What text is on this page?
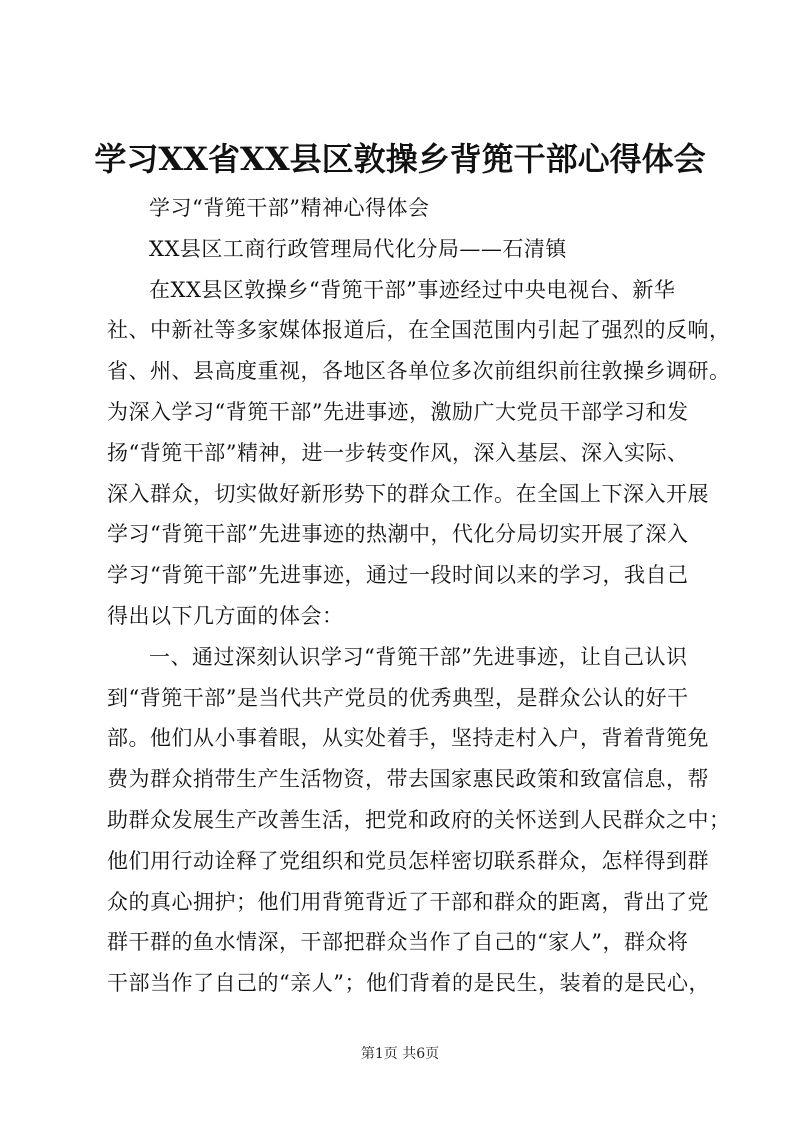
学习XX省XX县区敦操乡背篼干部心得体会
学习“背篼干部”精神心得体会
XX县区工商行政管理局代化分局——石清镇
在XX县区敦操乡“背篼干部”事迹经过中央电视台、新华
社、中新社等多家媒体报道后，在全国范围内引起了强烈的反响，
省、州、县高度重视，各地区各单位多次前组织前往敦操乡调研。
为深入学习“背篼干部”先进事迹，激励广大党员干部学习和发
扬“背篼干部”精神，进一步转变作风，深入基层、深入实际、
深入群众，切实做好新形势下的群众工作。在全国上下深入开展
学习“背篼干部”先进事迹的热潮中，代化分局切实开展了深入
学习“背篼干部”先进事迹，通过一段时间以来的学习，我自己
得出以下几方面的体会：
一、通过深刻认识学习“背篼干部”先进事迹，让自己认识
到“背篼干部”是当代共产党员的优秀典型，是群众公认的好干
部。他们从小事着眼，从实处着手，坚持走村入户，背着背篼免
费为群众捎带生产生活物资，带去国家惠民政策和致富信息，帮
助群众发展生产改善生活，把党和政府的关怀送到人民群众之中；
他们用行动诠释了党组织和党员怎样密切联系群众，怎样得到群
众的真心拥护；他们用背篼背近了干部和群众的距离，背出了党
群干群的鱼水情深，干部把群众当作了自己的“家人”，群众将
干部当作了自己的“亲人”；他们背着的是民生，装着的是民心，
第1页 共6页
